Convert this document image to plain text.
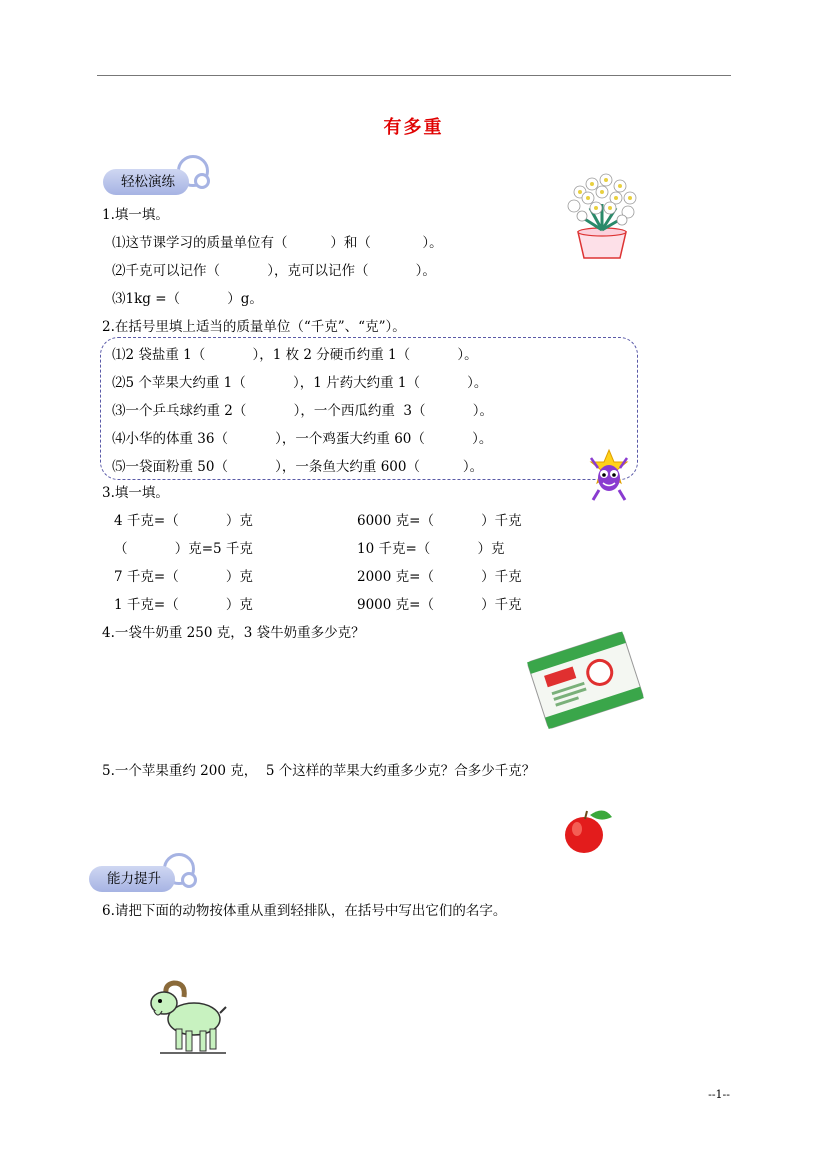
有多重
轻松演练
1.填一填。
⑴这节课学习的质量单位有（          ）和（            ）。
⑵千克可以记作（           ），克可以记作（           ）。
⑶1kg =（           ）g。
2.在括号里填上适当的质量单位（“千克”、“克”）。
⑴2 袋盐重 1（           ），1 枚 2 分硬币约重 1（           ）。
⑵5 个苹果大约重 1（           ），1 片药大约重 1（           ）。
⑶一个乒乓球约重 2（           ），一个西瓜约重  3（           ）。
⑷小华的体重 36（           ），一个鸡蛋大约重 60（           ）。
⑸一袋面粉重 50（           ），一条鱼大约重 600（          ）。
3.填一填。
4 千克=（           ）克
（           ）克=5 千克
7 千克=（           ）克
1 千克=（           ）克
6000 克=（           ）千克
10 千克=（           ）克
2000 克=（           ）千克
9000 克=（           ）千克
4.一袋牛奶重 250 克，3 袋牛奶重多少克？
5.一个苹果重约 200 克，  5 个这样的苹果大约重多少克？合多少千克？
能力提升
6.请把下面的动物按体重从重到轻排队，在括号中写出它们的名字。
--1--
